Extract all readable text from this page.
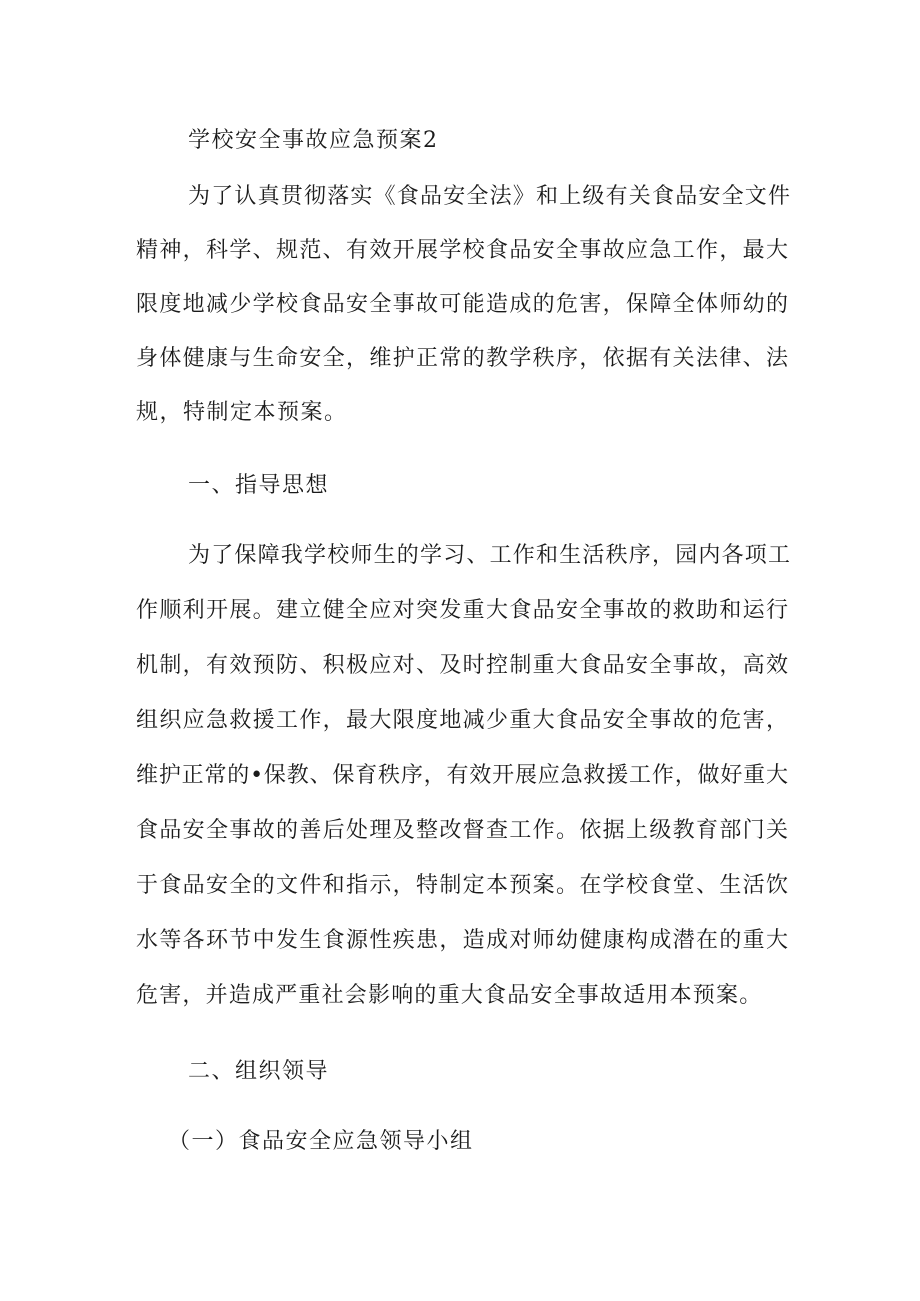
学校安全事故应急预案2
为了认真贯彻落实《食品安全法》和上级有关食品安全文件
精神，科学、规范、有效开展学校食品安全事故应急工作，最大
限度地减少学校食品安全事故可能造成的危害，保障全体师幼的
身体健康与生命安全，维护正常的教学秩序，依据有关法律、法
规，特制定本预案。
一、指导思想
为了保障我学校师生的学习、工作和生活秩序，园内各项工
作顺利开展。建立健全应对突发重大食品安全事故的救助和运行
机制，有效预防、积极应对、及时控制重大食品安全事故，高效
组织应急救援工作，最大限度地减少重大食品安全事故的危害，
维护正常的•保教、保育秩序，有效开展应急救援工作，做好重大
食品安全事故的善后处理及整改督查工作。依据上级教育部门关
于食品安全的文件和指示，特制定本预案。在学校食堂、生活饮
水等各环节中发生食源性疾患，造成对师幼健康构成潜在的重大
危害，并造成严重社会影响的重大食品安全事故适用本预案。
二、组织领导
（一）食品安全应急领导小组
